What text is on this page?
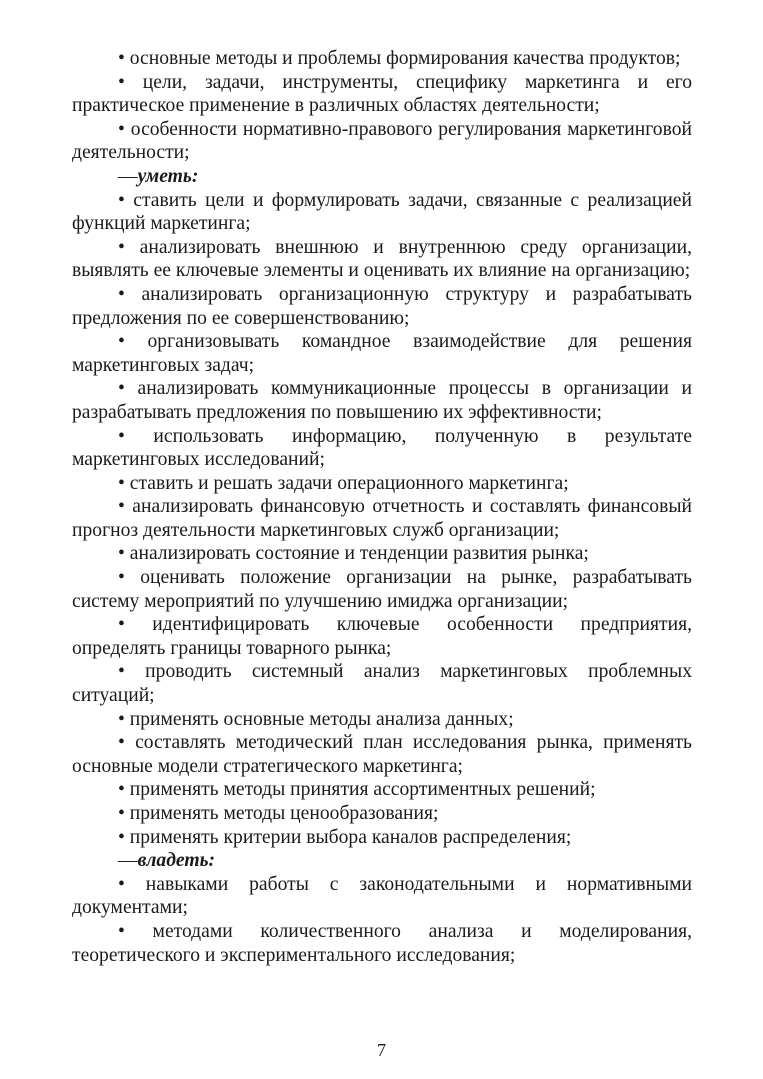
• основные методы и проблемы формирования качества продуктов;

• цели, задачи, инструменты, специфику маркетинга и его практическое применение в различных областях деятельности;

• особенности нормативно-правового регулирования маркетинговой деятельности;

—уметь:

• ставить цели и формулировать задачи, связанные с реализацией функций маркетинга;

• анализировать внешнюю и внутреннюю среду организации, выявлять ее ключевые элементы и оценивать их влияние на организацию;

• анализировать организационную структуру и разрабатывать предложения по ее совершенствованию;

• организовывать командное взаимодействие для решения маркетинговых задач;

• анализировать коммуникационные процессы в организации и разрабатывать предложения по повышению их эффективности;

• использовать информацию, полученную в результате маркетинговых исследований;

• ставить и решать задачи операционного маркетинга;

• анализировать финансовую отчетность и составлять финансовый прогноз деятельности маркетинговых служб организации;

• анализировать состояние и тенденции развития рынка;

• оценивать положение организации на рынке, разрабатывать систему мероприятий по улучшению имиджа организации;

• идентифицировать ключевые особенности предприятия, определять границы товарного рынка;

• проводить системный анализ маркетинговых проблемных ситуаций;

• применять основные методы анализа данных;

• составлять методический план исследования рынка, применять основные модели стратегического маркетинга;

• применять методы принятия ассортиментных решений;

• применять методы ценообразования;

• применять критерии выбора каналов распределения;

—владеть:

• навыками работы с законодательными и нормативными документами;

• методами количественного анализа и моделирования, теоретического и экспериментального исследования;

7
